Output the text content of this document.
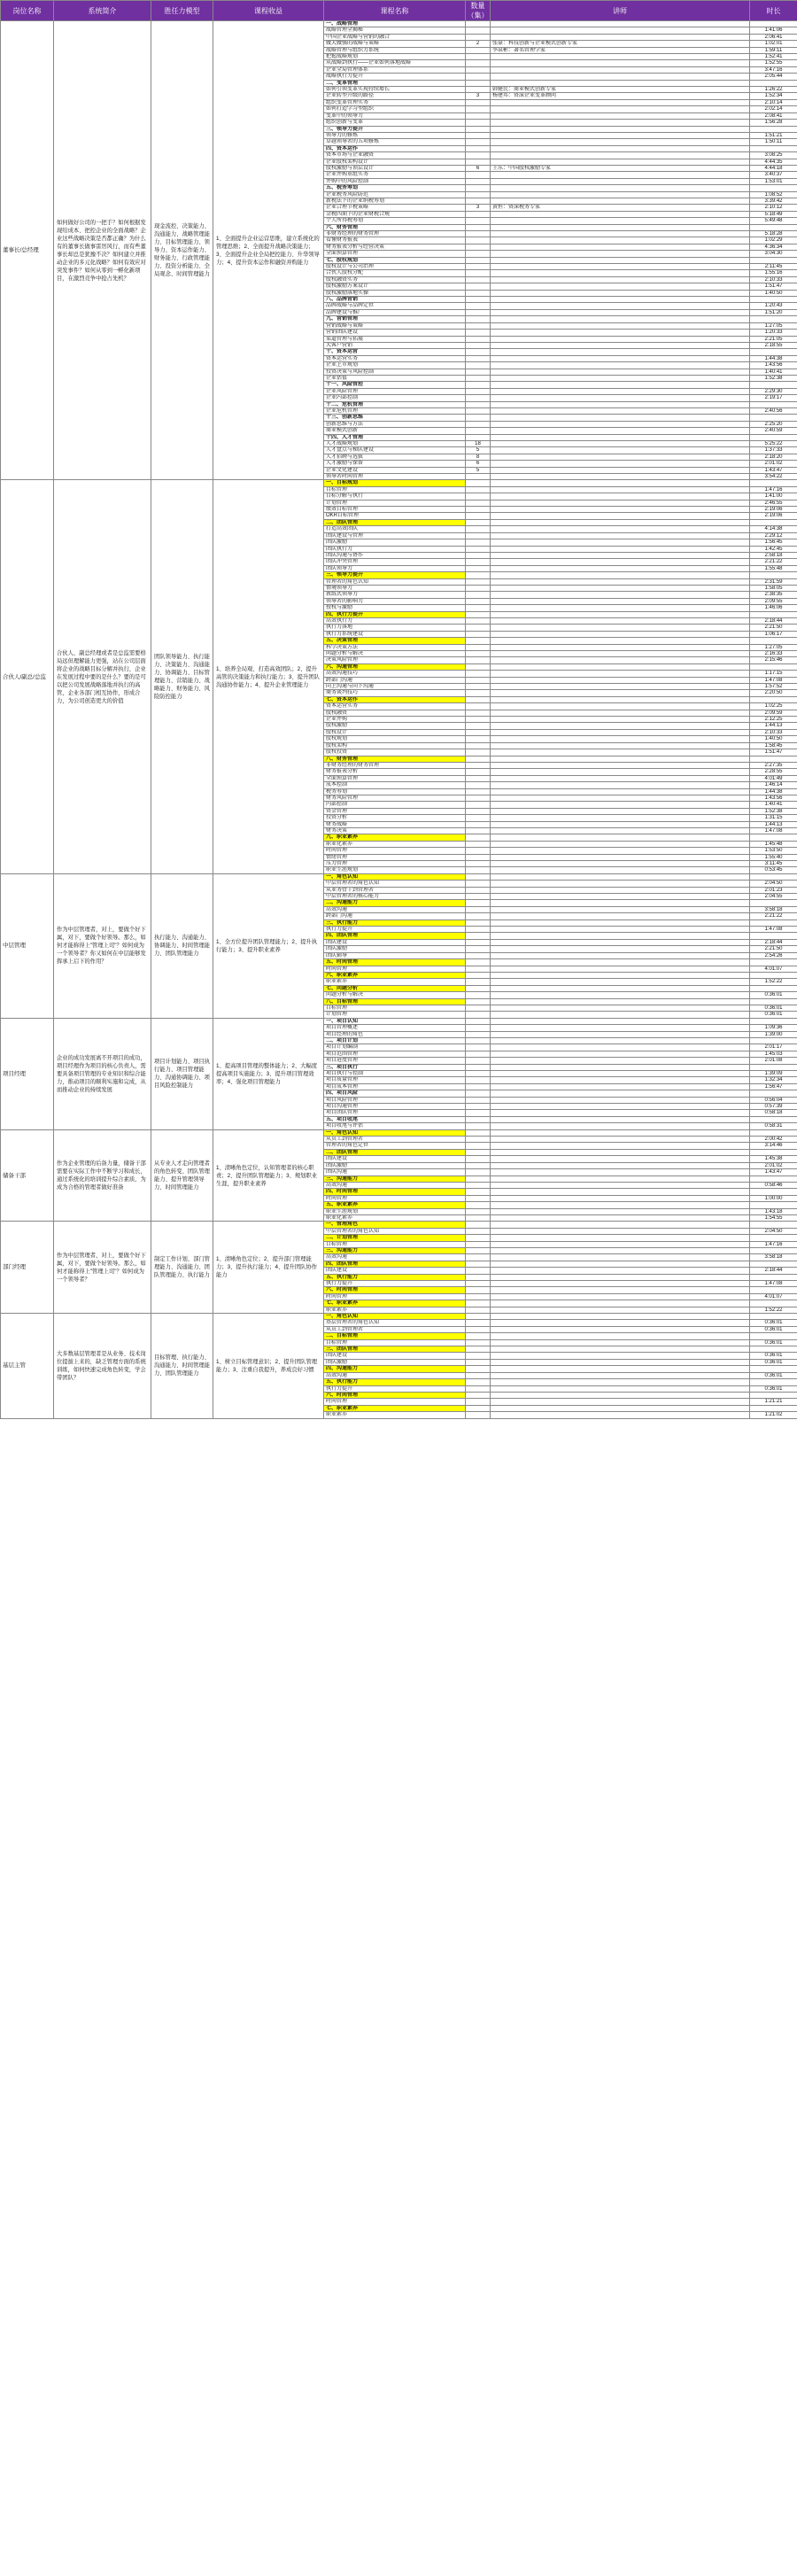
岗位名称	系统简介	胜任力模型	课程收益	课程名称	数量（集）	讲师	时长
董事长/总经理	如何做好公司的一把手？如何根据发现给成本、把控企业的全面战略？企业这些战略决策是否都正确？为什么有的董事长做事雷厉风行，而有些董事长却总是犹豫不决？如何建立并推动企业的多元化战略？如何有效应对突发事件？如何从零到一孵化新项目，在激烈竞争中抢占先机？	现金流控、决策能力、沟通能力、战略管理能力、目标管理能力、领导力、资本运作能力、财务能力、行政管理能力、投资分析能力、全局观念、时间管理能力	1、全面提升企业运营思维，建立系统化的管理思维；2、全面提升战略决策能力；3、全面提升企业全局把控能力、升华领导力；4、提升资本运作和融资并购能力	一、战略管理			
				战略管理全揭秘			1:41:06
				中国企业战略与营销的融合			2:06:41
				做大做强的战略与策略	2	张豪：科技创新与企业模式创新专家	1:02:01
				战略管理与组织力系统		李泉彬：著名管理学家	1:59:11
				把握战略规划			1:52:41
				从战略到执行——企业如何落地战略			1:52:55
				企业全局管理体系			3:47:16
				战略执行力提升			2:05:44
				二、变革管理			
				如何引领变革实现持续增长		韩健民：商业模式创新专家	1:26:22
				企业转型升级的路径	3	杨建邦：资深企业变革顾问	1:52:34
				组织变革管理实务			2:10:14
				如何打造学习型组织			2:02:14
				变革中的领导力			2:08:41
				组织创新与变革			1:56:28
				三、领导力提升			
				领导力的修炼			1:51:21
				卓越领导者的五项修炼			1:50:11
				四、资本运作			
				资本市场与企业融资			3:08:25
				企业股权架构设计			4:44:35
				股权激励与顶层设计	6	王东：中国股权激励专家	4:44:18
				企业并购重组实务			3:40:37
				并购中的风险控制			1:53:01
				五、税务筹划			
				企业税务风险防范			1:08:52
				新税法下的企业纳税筹划			3:39:42
				企业合理节税策略	3	黄恒：资深税务专家	2:10:12
				金税四期下的企业财税合规			5:18:49
				个人所得税筹划			5:49:48
				六、财务管理			
				非财务经理的财务管理			5:18:28
				看懂财务报表			1:02:29
				财务报表分析与经营决策			4:36:34
				全面预算管理			3:04:30
				七、股权规划			
				股权设计与公司治理			2:11:45
				合伙人股权分配			1:55:16
				股权融资实务			2:10:33
				股权激励方案设计			1:51:47
				股权激励落地实操			1:40:50
				八、品牌营销			
				品牌战略与品牌定位			1:20:43
				品牌建设与推广			1:51:20
				九、营销管理			
				营销战略与策略			1:27:05
				营销团队建设			1:20:33
				渠道管理与拓展			2:21:05
				大客户营销			2:18:55
				十、资本运营			
				资本运营实务			1:44:38
				企业上市规划			1:43:56
				投资决策与风险控制			1:40:41
				企业估值			1:52:38
				十一、风险管控			
				企业风险管理			2:29:30
				企业内部控制			2:19:17
				十二、危机管理			
				企业危机管理			2:40:56
				十三、创新思维			
				创新思维与方法			2:25:20
				商业模式创新			2:40:59
				十四、人才管理			
				人才战略规划	18		5:25:22
				人才盘点与梯队建设	5		1:37:33
				人才招聘与选拔	8		2:18:20
				人才激励与保留	6		2:01:02
				企业文化建设	5		1:43:47
				领导者时间管理			3:54:22
合伙人/副总/总监	合伙人、副总经理或者是总监需要格局远但理解能力更强，站在公司层面将企业的战略目标分解并执行，企业在发展过程中要的是什么？要的是可以把公司发展战略落地并执行的高管，企业各部门相互协作，形成合力，为公司创造更大的价值	团队领导能力、执行能力、决策能力、沟通能力、协调能力、目标管理能力、营销能力、战略能力、财务能力、风险防控能力	1、培养全局观、打造高效团队；2、提升高管的决策能力和执行能力；3、提升团队沟通协作能力；4、提升企业管理能力	一、目标规划			
				目标管理			1:47:16
				目标分解与执行			1:41:00
				计划管理			2:46:55
				绩效目标管理			2:19:06
				OKR目标管理			2:19:06
				二、团队管理			
				打造高效团队			4:14:38
				团队建设与管理			2:29:12
				团队激励			1:56:45
				团队执行力			1:42:45
				团队沟通与协作			2:58:18
				团队冲突管理			2:21:22
				团队领导力			1:55:48
				三、领导力提升			
				管理者的角色认知			2:31:59
				情境领导力			1:58:05
				教练式领导力			2:38:35
				领导者的影响力			2:09:55
				授权与激励			1:46:06
				四、执行力提升			
				高效执行力			2:18:44
				执行力落地			2:21:50
				执行力系统建设			1:06:17
				五、决策管理			
				科学决策方法			1:27:05
				问题分析与解决			2:16:33
				决策风险管理			2:15:46
				六、沟通管理			
				高效沟通技巧			1:17:15
				跨部门沟通			1:47:08
				向上沟通与向下沟通			1:57:52
				商务谈判技巧			2:20:50
				七、资本运作			
				资本运营实务			1:02:25
				股权融资			2:09:59
				企业并购			2:12:25
				股权激励			1:44:13
				股权设计			2:10:33
				股权规划			1:40:50
				股权架构			1:58:45
				股权投资			1:51:47
				八、财务管理			
				非财务经理的财务管理			2:27:35
				财务报表分析			2:28:55
				全面预算管理			4:01:49
				成本控制			1:46:14
				税务筹划			1:44:38
				财务风险管理			1:43:56
				内部控制			1:40:41
				资金管理			1:52:38
				投资分析			1:31:15
				财务战略			1:44:13
				财务决策			1:47:08
				九、职业素养			
				职业化素养			1:45:48
				时间管理			1:53:50
				情绪管理			1:55:40
				压力管理			3:11:45
				职业生涯规划			0:53:45
中层管理	作为中层管理者，对上，要做个好下属，对下，要做个好领导。那么，如何才能称得上"管理上司"？如何成为一个领导者？你又如何在中层能够发挥承上启下的作用？	执行能力、沟通能力、协调能力、时间管理能力、团队管理能力	1、全方位提升团队管理能力；2、提升执行能力；3、提升职业素养	一、角色认知			
				中层管理者的角色认知			2:04:50
				从业务骨干到管理者			2:01:23
				中层管理者的核心能力			2:04:55
				二、沟通能力			
				高效沟通			3:58:18
				跨部门沟通			2:21:22
				三、执行能力			
				执行力提升			1:47:08
				四、团队管理			
				团队建设			2:18:44
				团队激励			2:21:50
				团队辅导			2:54:26
				五、时间管理			
				时间管理			4:01:07
				六、职业素养			
				职业素养			1:52:22
				七、问题分析			
				问题分析与解决			0:36:01
				八、目标管理			
				目标管理			0:36:01
				计划管理			0:36:01
项目经理	企业的成功发展离不开项目的成功，项目经理作为项目的核心负责人，需要具备项目管理的专业知识和综合能力，推动项目的顺利实施和完成，从而推动企业的持续发展	项目计划能力、项目执行能力、项目管理能力、沟通协调能力、项目风险控制能力	1、提高项目管理的整体能力；2、大幅度提高项目实施能力；3、提升项目管理效率；4、强化项目管理能力	一、项目认知			
				项目管理概述			1:09:36
				项目经理的角色			1:39:00
				二、项目计划			
				项目计划编制			2:01:17
				项目范围管理			1:45:03
				项目进度管理			2:01:08
				三、项目执行			
				项目执行与控制			1:39:09
				项目质量管理			1:32:34
				项目成本管理			1:56:47
				四、项目风险			
				项目风险管理			0:56:04
				项目沟通管理			0:57:39
				项目团队管理			0:58:18
				五、项目收尾			
				项目收尾与评估			0:58:31
储备干部	作为企业管理的后备力量，储备干部需要在实际工作中不断学习和成长，通过系统化的培训提升综合素质，为成为合格的管理者做好准备	从专业人才走向管理者的角色转变、团队管理能力、提升管理领导力、时间管理能力	1、清晰角色定位，认知管理者的核心职责；2、提升团队管理能力；3、规划职业生涯，提升职业素养	一、角色认知			
				从员工到管理者			2:00:42
				管理者的角色定位			3:14:46
				二、团队管理			
				团队建设			1:45:38
				团队激励			2:01:02
				团队沟通			1:43:47
				三、沟通能力			
				高效沟通			0:58:46
				四、时间管理			
				时间管理			1:00:00
				五、职业素养			
				职业生涯规划			1:43:18
				职业化素养			1:54:55
部门经理	作为中层管理者，对上，要做个好下属，对下，要做个好领导。那么，如何才能称得上"管理上司"？如何成为一个领导者？	制定工作计划、部门管理能力、沟通能力、团队管理能力、执行能力	1、清晰角色定位；2、提升部门管理能力；3、提升执行能力；4、提升团队协作能力	一、管理角色			
				中层管理者的角色认知			2:04:50
				二、计划管理			
				目标管理			1:47:16
				三、沟通能力			
				高效沟通			3:58:18
				四、团队管理			
				团队建设			2:18:44
				五、执行能力			
				执行力提升			1:47:08
				六、时间管理			
				时间管理			4:01:07
				七、职业素养			
				职业素养			1:52:22
基层主管	大多数基层管理者是从业务、技术岗位提拔上来的，缺乏管理方面的系统训练，如何快速完成角色转变，学会带团队？	目标管理、执行能力、沟通能力、时间管理能力、团队管理能力	1、树立目标管理意识；2、提升团队管理能力；3、注重自我提升，养成良好习惯	一、角色认知			
				基层管理者的角色认知			0:36:01
				从员工到管理者			0:36:01
				二、目标管理			
				目标管理			0:36:01
				三、团队管理			
				团队建设			0:36:01
				团队激励			0:36:01
				四、沟通能力			
				高效沟通			0:36:01
				五、执行能力			
				执行力提升			0:36:01
				六、时间管理			
				时间管理			1:21:21
				七、职业素养			
				职业素养			1:21:02
